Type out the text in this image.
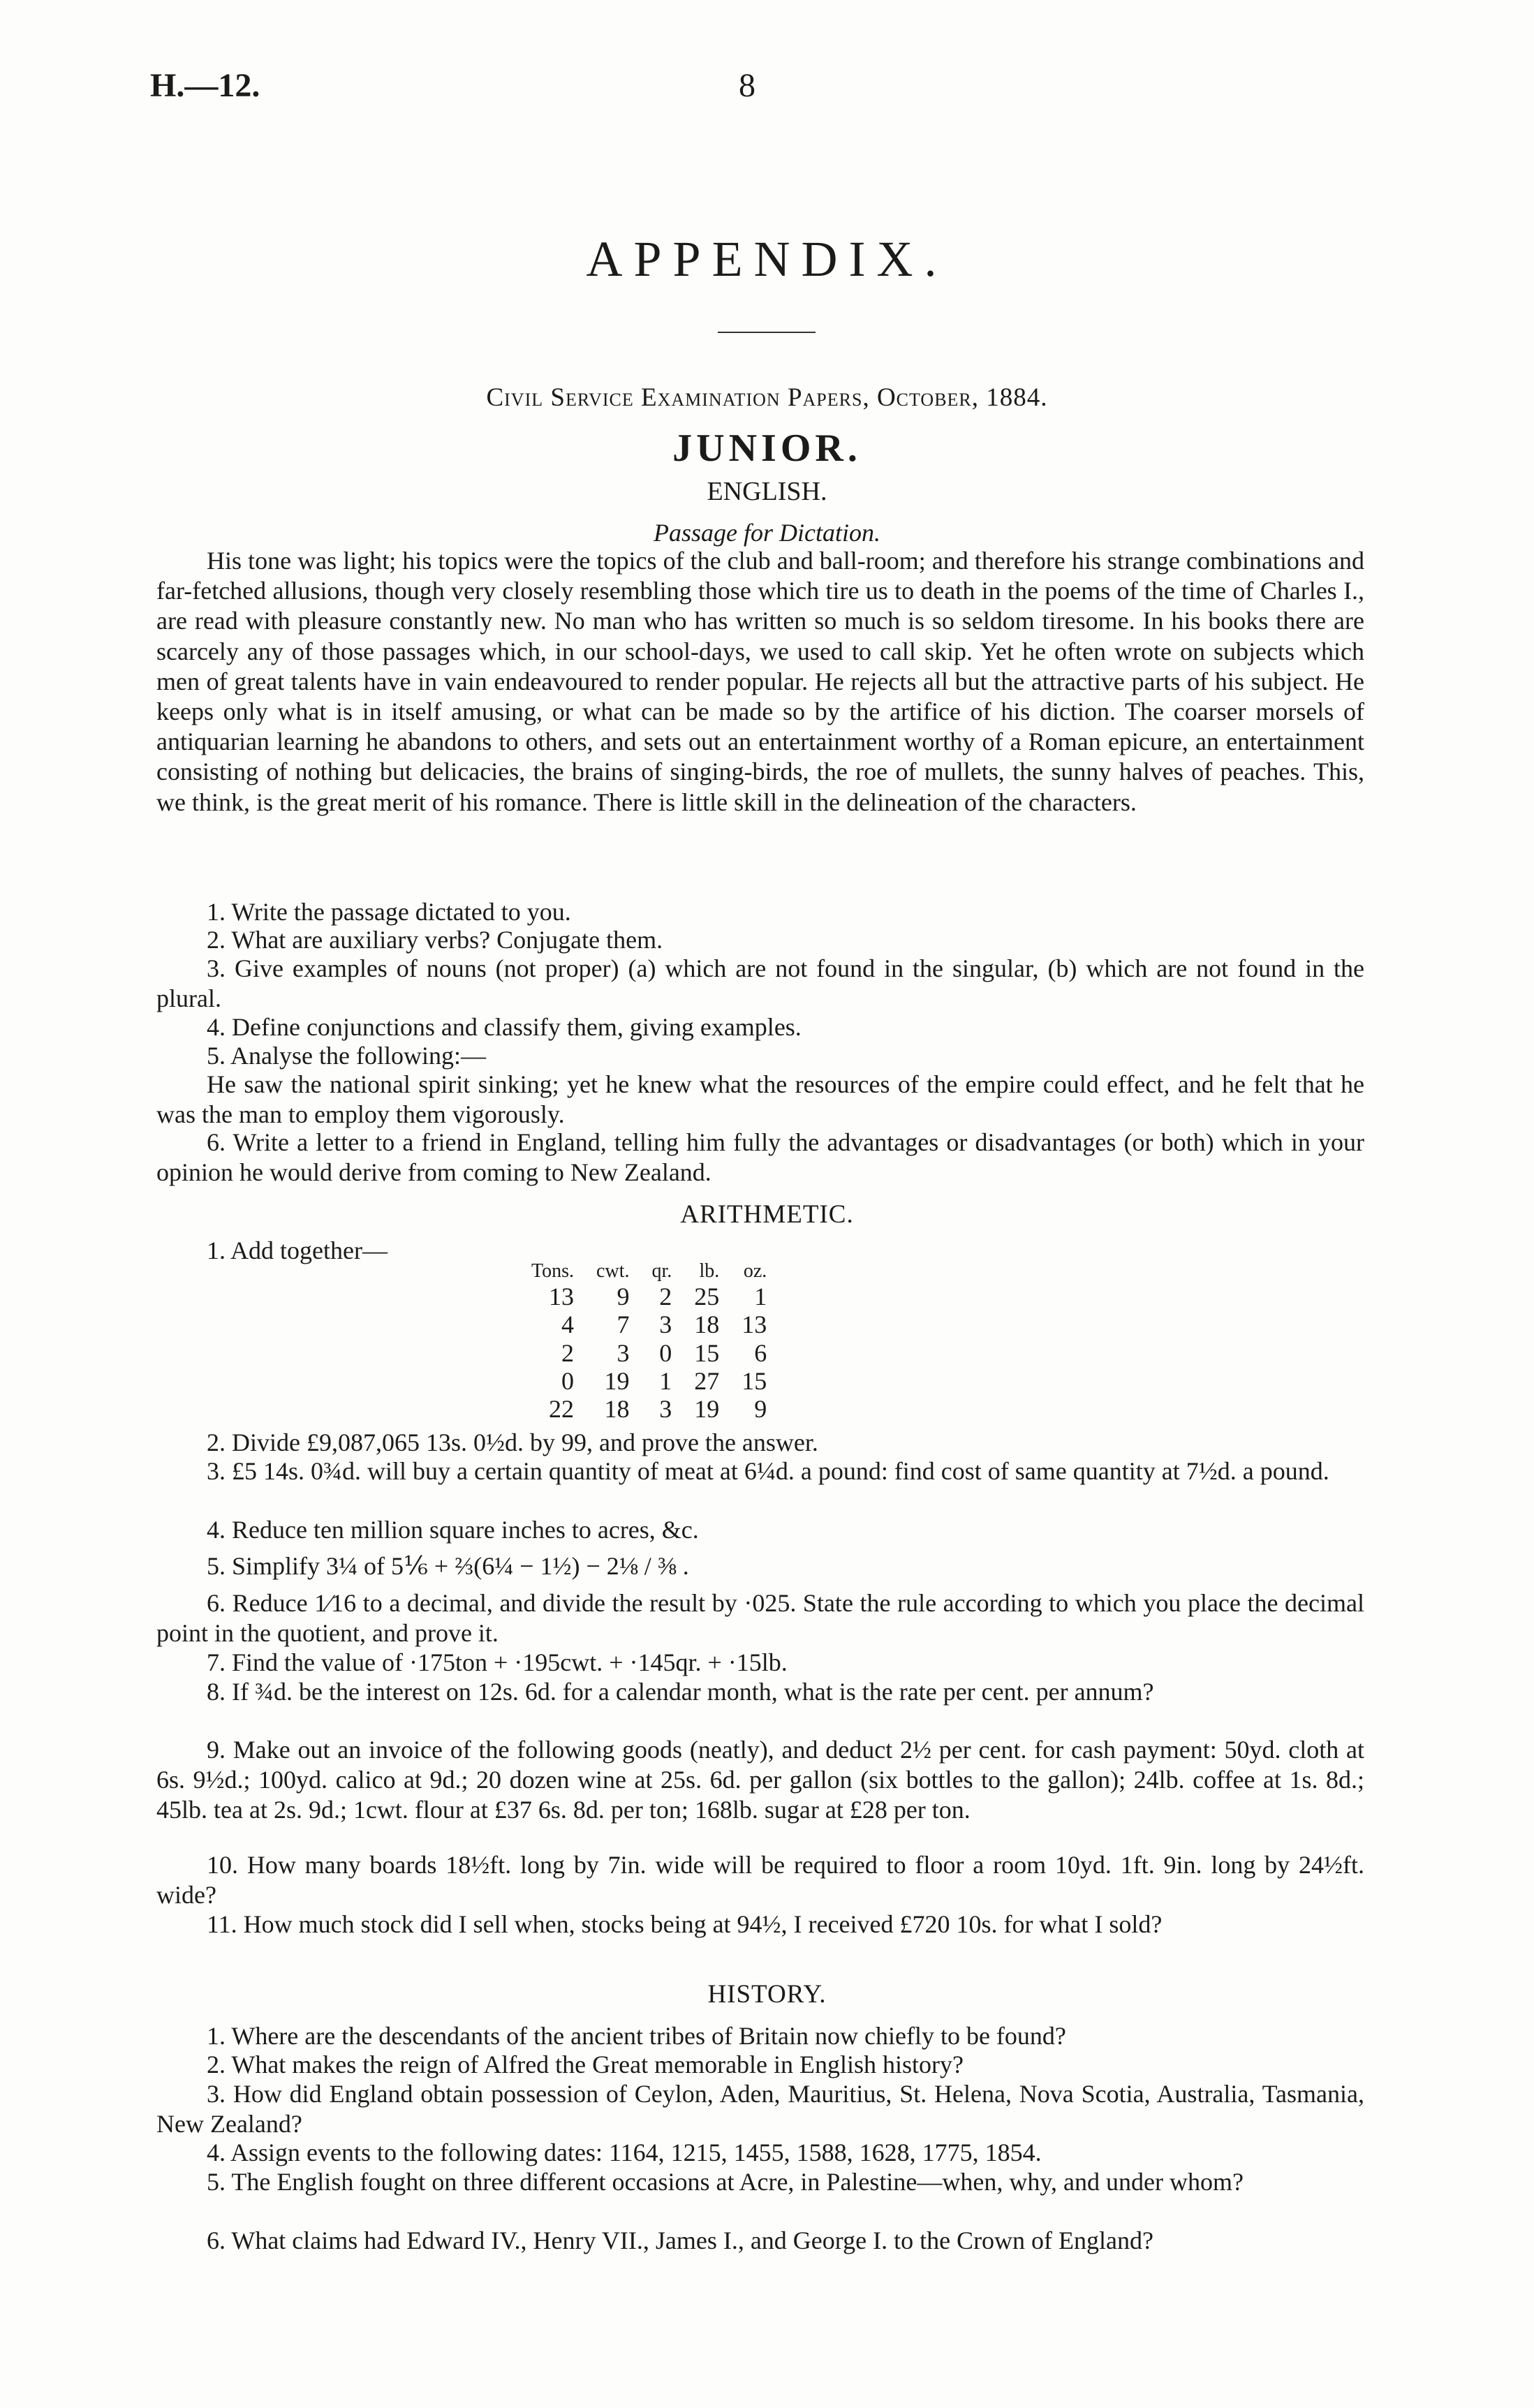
H.—12.	8
APPENDIX.
Civil Service Examination Papers, October, 1884.
JUNIOR.
ENGLISH.
Passage for Dictation.

His tone was light; his topics were the topics of the club and ball-room; and therefore his strange combinations and far-fetched allusions, though very closely resembling those which tire us to death in the poems of the time of Charles I., are read with pleasure constantly new. No man who has written so much is so seldom tiresome. In his books there are scarcely any of those passages which, in our school-days, we used to call skip. Yet he often wrote on subjects which men of great talents have in vain endeavoured to render popular. He rejects all but the attractive parts of his subject. He keeps only what is in itself amusing, or what can be made so by the artifice of his diction. The coarser morsels of antiquarian learning he abandons to others, and sets out an entertainment worthy of a Roman epicure, an entertainment consisting of nothing but delicacies, the brains of singing-birds, the roe of mullets, the sunny halves of peaches. This, we think, is the great merit of his romance. There is little skill in the delineation of the characters.

1. Write the passage dictated to you.

2. What are auxiliary verbs? Conjugate them.

3. Give examples of nouns (not proper) (a) which are not found in the singular, (b) which are not found in the plural.

4. Define conjunctions and classify them, giving examples.

5. Analyse the following:—

He saw the national spirit sinking; yet he knew what the resources of the empire could effect, and he felt that he was the man to employ them vigorously.

6. Write a letter to a friend in England, telling him fully the advantages or disadvantages (or both) which in your opinion he would derive from coming to New Zealand.

ARITHMETIC.
1. Add together—
Tons.	cwt.	qr.	lb.	oz.
13	9	2	25	1
4	7	3	18	13
2	3	0	15	6
0	19	1	27	15
22	18	3	19	9

2. Divide £9,087,065 13s. 0½d. by 99, and prove the answer.

3. £5 14s. 0¾d. will buy a certain quantity of meat at 6¼d. a pound: find cost of same quantity at 7½d. a pound.

4. Reduce ten million square inches to acres, &c.

5. Simplify 3¼ of 5⅙ + ⅔(6¼ − 1½) − 2⅛ / ⅜ .

6. Reduce 1⁄16 to a decimal, and divide the result by ·025. State the rule according to which you place the decimal point in the quotient, and prove it.

7. Find the value of ·175ton + ·195cwt. + ·145qr. + ·15lb.

8. If ¾d. be the interest on 12s. 6d. for a calendar month, what is the rate per cent. per annum?

9. Make out an invoice of the following goods (neatly), and deduct 2½ per cent. for cash payment: 50yd. cloth at 6s. 9½d.; 100yd. calico at 9d.; 20 dozen wine at 25s. 6d. per gallon (six bottles to the gallon); 24lb. coffee at 1s. 8d.; 45lb. tea at 2s. 9d.; 1cwt. flour at £37 6s. 8d. per ton; 168lb. sugar at £28 per ton.

10. How many boards 18½ft. long by 7in. wide will be required to floor a room 10yd. 1ft. 9in. long by 24½ft. wide?

11. How much stock did I sell when, stocks being at 94½, I received £720 10s. for what I sold?

HISTORY.

1. Where are the descendants of the ancient tribes of Britain now chiefly to be found?

2. What makes the reign of Alfred the Great memorable in English history?

3. How did England obtain possession of Ceylon, Aden, Mauritius, St. Helena, Nova Scotia, Australia, Tasmania, New Zealand?

4. Assign events to the following dates: 1164, 1215, 1455, 1588, 1628, 1775, 1854.

5. The English fought on three different occasions at Acre, in Palestine—when, why, and under whom?

6. What claims had Edward IV., Henry VII., James I., and George I. to the Crown of England?
